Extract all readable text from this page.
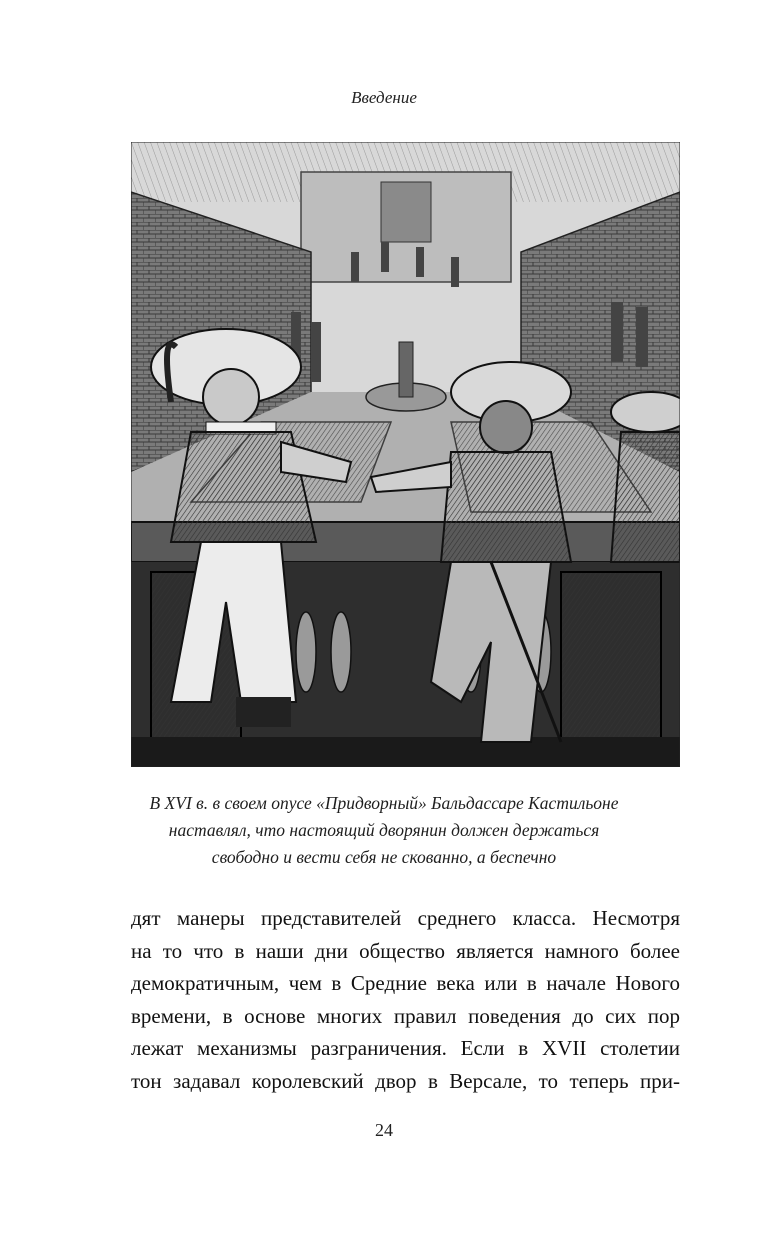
Введение
В XVI в. в своем опусе «Придворный» Бальдассаре Кастильоне
наставлял, что настоящий дворянин должен держаться
свободно и вести себя не скованно, а беспечно
дят манеры представителей среднего класса. Несмотря
на то что в наши дни общество является намного более
демократичным, чем в Средние века или в начале Нового
времени, в основе многих правил поведения до сих пор
лежат механизмы разграничения. Если в XVII столетии
тон задавал королевский двор в Версале, то теперь при-
24
